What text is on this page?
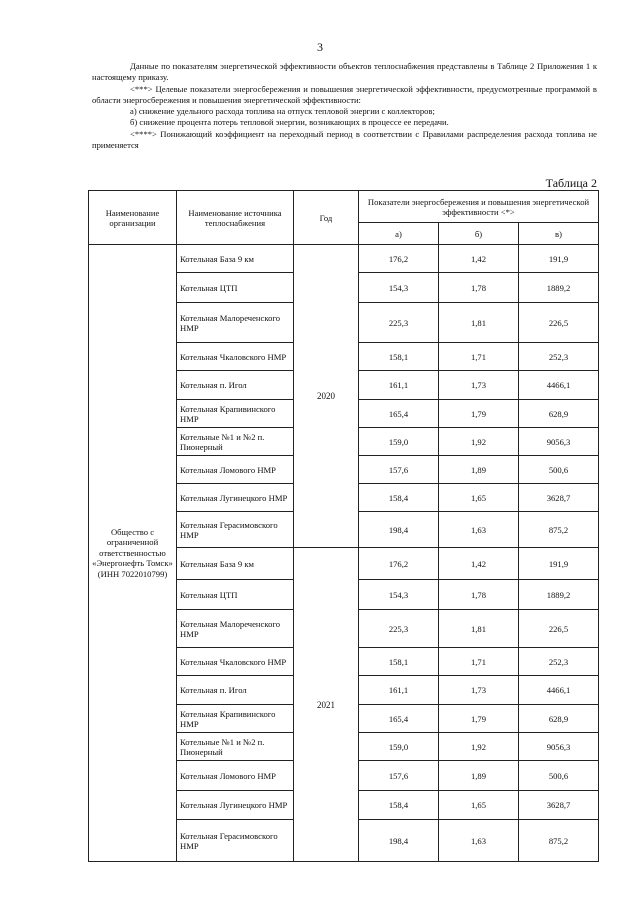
3

Данные по показателям энергетической эффективности объектов теплоснабжения представлены в Таблице 2 Приложения 1 к настоящему приказу.

<***> Целевые показатели энергосбережения и повышения энергетической эффективности, предусмотренные программой в области энергосбережения и повышения энергетической эффективности:

а) снижение удельного расхода топлива на отпуск тепловой энергии с коллекторов;

б) снижение процента потерь тепловой энергии, возникающих в процессе ее передачи.

<****> Понижающий коэффициент на переходный период в соответствии с Правилами распределения расхода топлива не применяется

Таблица 2
Наименование организации	Наименование источника теплоснабжения	Год	Показатели энергосбережения и повышения энергетической эффективности <*>		
			а)	б)	в)
Общество с ограниченной ответственностью «Энергонефть Томск» (ИНН 7022010799)	Котельная База 9 км	2020	176,2	1,42	191,9
	Котельная ЦТП		154,3	1,78	1889,2
	Котельная Малореченского НМР		225,3	1,81	226,5
	Котельная Чкаловского НМР		158,1	1,71	252,3
	Котельная п. Игол		161,1	1,73	4466,1
	Котельная Крапивинского НМР		165,4	1,79	628,9
	Котельные №1 и №2 п. Пионерный		159,0	1,92	9056,3
	Котельная Ломового НМР		157,6	1,89	500,6
	Котельная Лугинецкого НМР		158,4	1,65	3628,7
	Котельная Герасимовского НМР		198,4	1,63	875,2
	Котельная База 9 км	2021	176,2	1,42	191,9
	Котельная ЦТП		154,3	1,78	1889,2
	Котельная Малореченского НМР		225,3	1,81	226,5
	Котельная Чкаловского НМР		158,1	1,71	252,3
	Котельная п. Игол		161,1	1,73	4466,1
	Котельная Крапивинского НМР		165,4	1,79	628,9
	Котельные №1 и №2 п. Пионерный		159,0	1,92	9056,3
	Котельная Ломового НМР		157,6	1,89	500,6
	Котельная Лугинецкого НМР		158,4	1,65	3628,7
	Котельная Герасимовского НМР		198,4	1,63	875,2
